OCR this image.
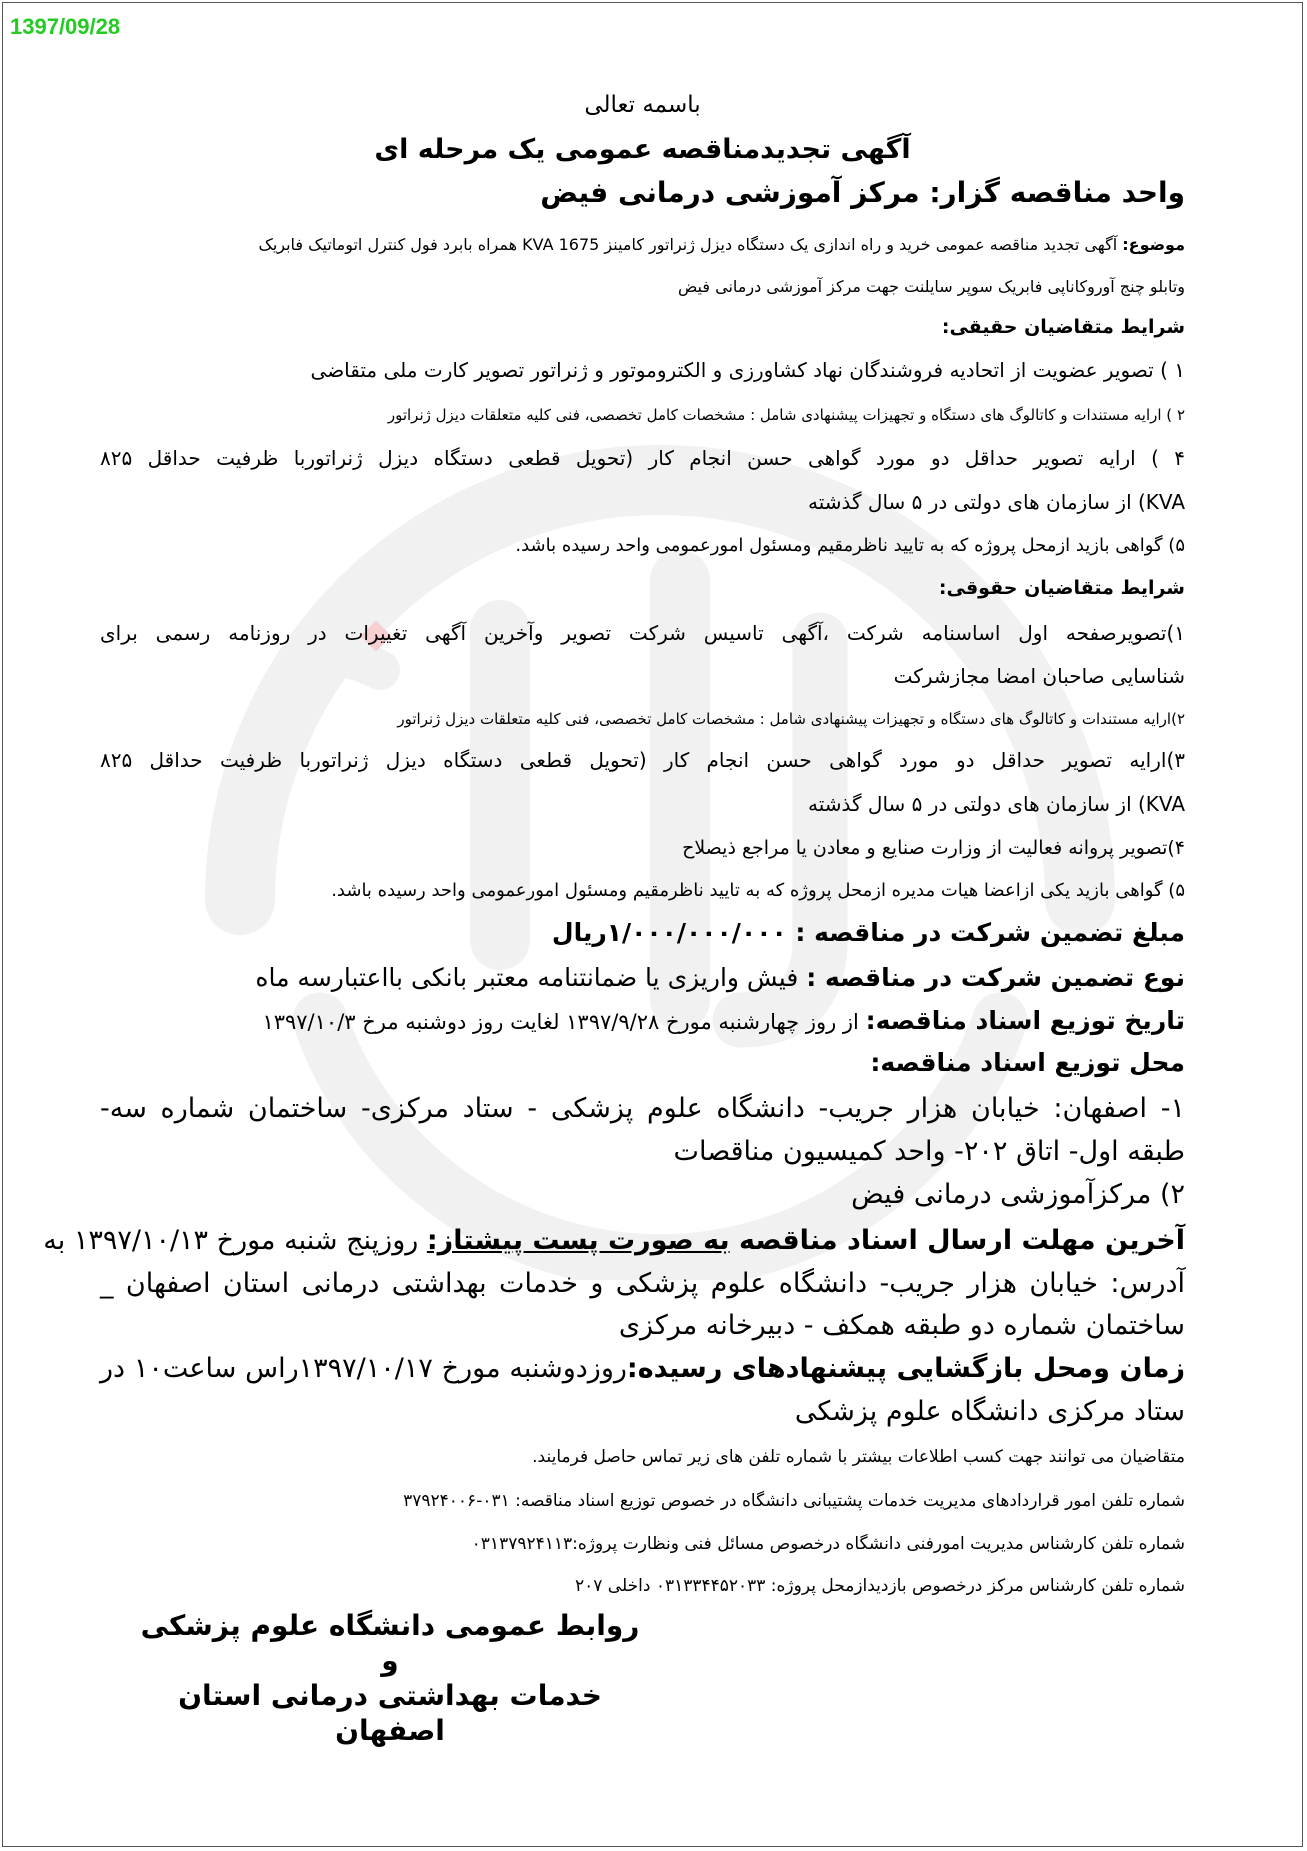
1397/09/28
باسمه تعالی
آگهی تجدیدمناقصه عمومی یک مرحله ای
واحد مناقصه گزار: مرکز آموزشی درمانی فیض
موضوع: آگهی تجدید مناقصه عمومی خرید و راه اندازی یک دستگاه دیزل ژنراتور کامینز 1675 KVA همراه بابرد فول کنترل اتوماتیک فابریک
وتابلو چنج آوروکاناپی فابریک سوپر سایلنت جهت مرکز آموزشی درمانی فیض
شرایط متقاضیان حقیقی:
۱ ) تصویر عضویت از اتحادیه فروشندگان نهاد کشاورزی و الکتروموتور و ژنراتور تصویر کارت ملی متقاضی
۲ ) ارایه مستندات و کاتالوگ های دستگاه و تجهیزات پیشنهادی شامل : مشخصات کامل تخصصی، فنی کلیه متعلقات دیزل ژنراتور
۴ ) ارایه تصویر حداقل دو مورد گواهی حسن انجام کار (تحویل قطعی دستگاه دیزل ژنراتوربا ظرفیت حداقل ۸۲۵
KVA) از سازمان های دولتی در ۵ سال گذشته
۵) گواهی بازید ازمحل پروژه که به تایید ناظرمقیم ومسئول امورعمومی واحد رسیده باشد.
شرایط متقاضیان حقوقی:
۱)تصویرصفحه اول اساسنامه شرکت ،آگهی تاسیس شرکت تصویر وآخرین آگهی تغییرات در روزنامه رسمی برای
شناسایی صاحبان امضا مجازشرکت
۲)ارایه مستندات و کاتالوگ های دستگاه و تجهیزات پیشنهادی شامل : مشخصات کامل تخصصی، فنی کلیه متعلقات دیزل ژنراتور
۳)ارایه تصویر حداقل دو مورد گواهی حسن انجام کار (تحویل قطعی دستگاه دیزل ژنراتوربا ظرفیت حداقل ۸۲۵
KVA) از سازمان های دولتی در ۵ سال گذشته
۴)تصویر پروانه فعالیت از وزارت صنایع و معادن یا مراجع ذیصلاح
۵) گواهی بازید یکی ازاعضا هیات مدیره ازمحل پروژه که به تایید ناظرمقیم ومسئول امورعمومی واحد رسیده باشد.
مبلغ تضمین شرکت در مناقصه : ۱/۰۰۰/۰۰۰/۰۰۰ریال
نوع تضمین شرکت در مناقصه : فیش واریزی یا ضمانتنامه معتبر بانکی بااعتبارسه ماه
تاریخ توزیع اسناد مناقصه: از روز چهارشنبه مورخ ۱۳۹۷/۹/۲۸ لغایت روز دوشنبه مرخ ۱۳۹۷/۱۰/۳
محل توزیع اسناد مناقصه:
۱- اصفهان: خیابان هزار جریب- دانشگاه علوم پزشکی - ستاد مرکزی- ساختمان شماره سه-
طبقه اول- اتاق ۲۰۲- واحد کمیسیون مناقصات
۲) مرکزآموزشی درمانی فیض
آخرین مهلت ارسال اسناد مناقصه به صورت پست پیشتاز: روزپنج شنبه مورخ ۱۳۹۷/۱۰/۱۳ به
آدرس: خیابان هزار جریب- دانشگاه علوم پزشکی و خدمات بهداشتی درمانی استان اصفهان _
ساختمان شماره دو طبقه همکف - دبیرخانه مرکزی
زمان ومحل بازگشایی پیشنهادهای رسیده:روزدوشنبه مورخ ۱۳۹۷/۱۰/۱۷راس ساعت۱۰ در
ستاد مرکزی دانشگاه علوم پزشکی
متقاضیان می توانند جهت کسب اطلاعات بیشتر با شماره تلفن های زیر تماس حاصل فرمایند.
شماره تلفن امور قراردادهای مدیریت خدمات پشتیبانی دانشگاه در خصوص توزیع اسناد مناقصه: ۰۳۱-۳۷۹۲۴۰۰۶
شماره تلفن کارشناس مدیریت امورفنی دانشگاه درخصوص مسائل فنی ونظارت پروژه:۰۳۱۳۷۹۲۴۱۱۳
شماره تلفن کارشناس مرکز درخصوص بازدیدازمحل پروژه: ۰۳۱۳۳۴۴۵۲۰۳۳ داخلی ۲۰۷
روابط عمومی دانشگاه علوم پزشکی و
خدمات بهداشتی درمانی استان اصفهان
